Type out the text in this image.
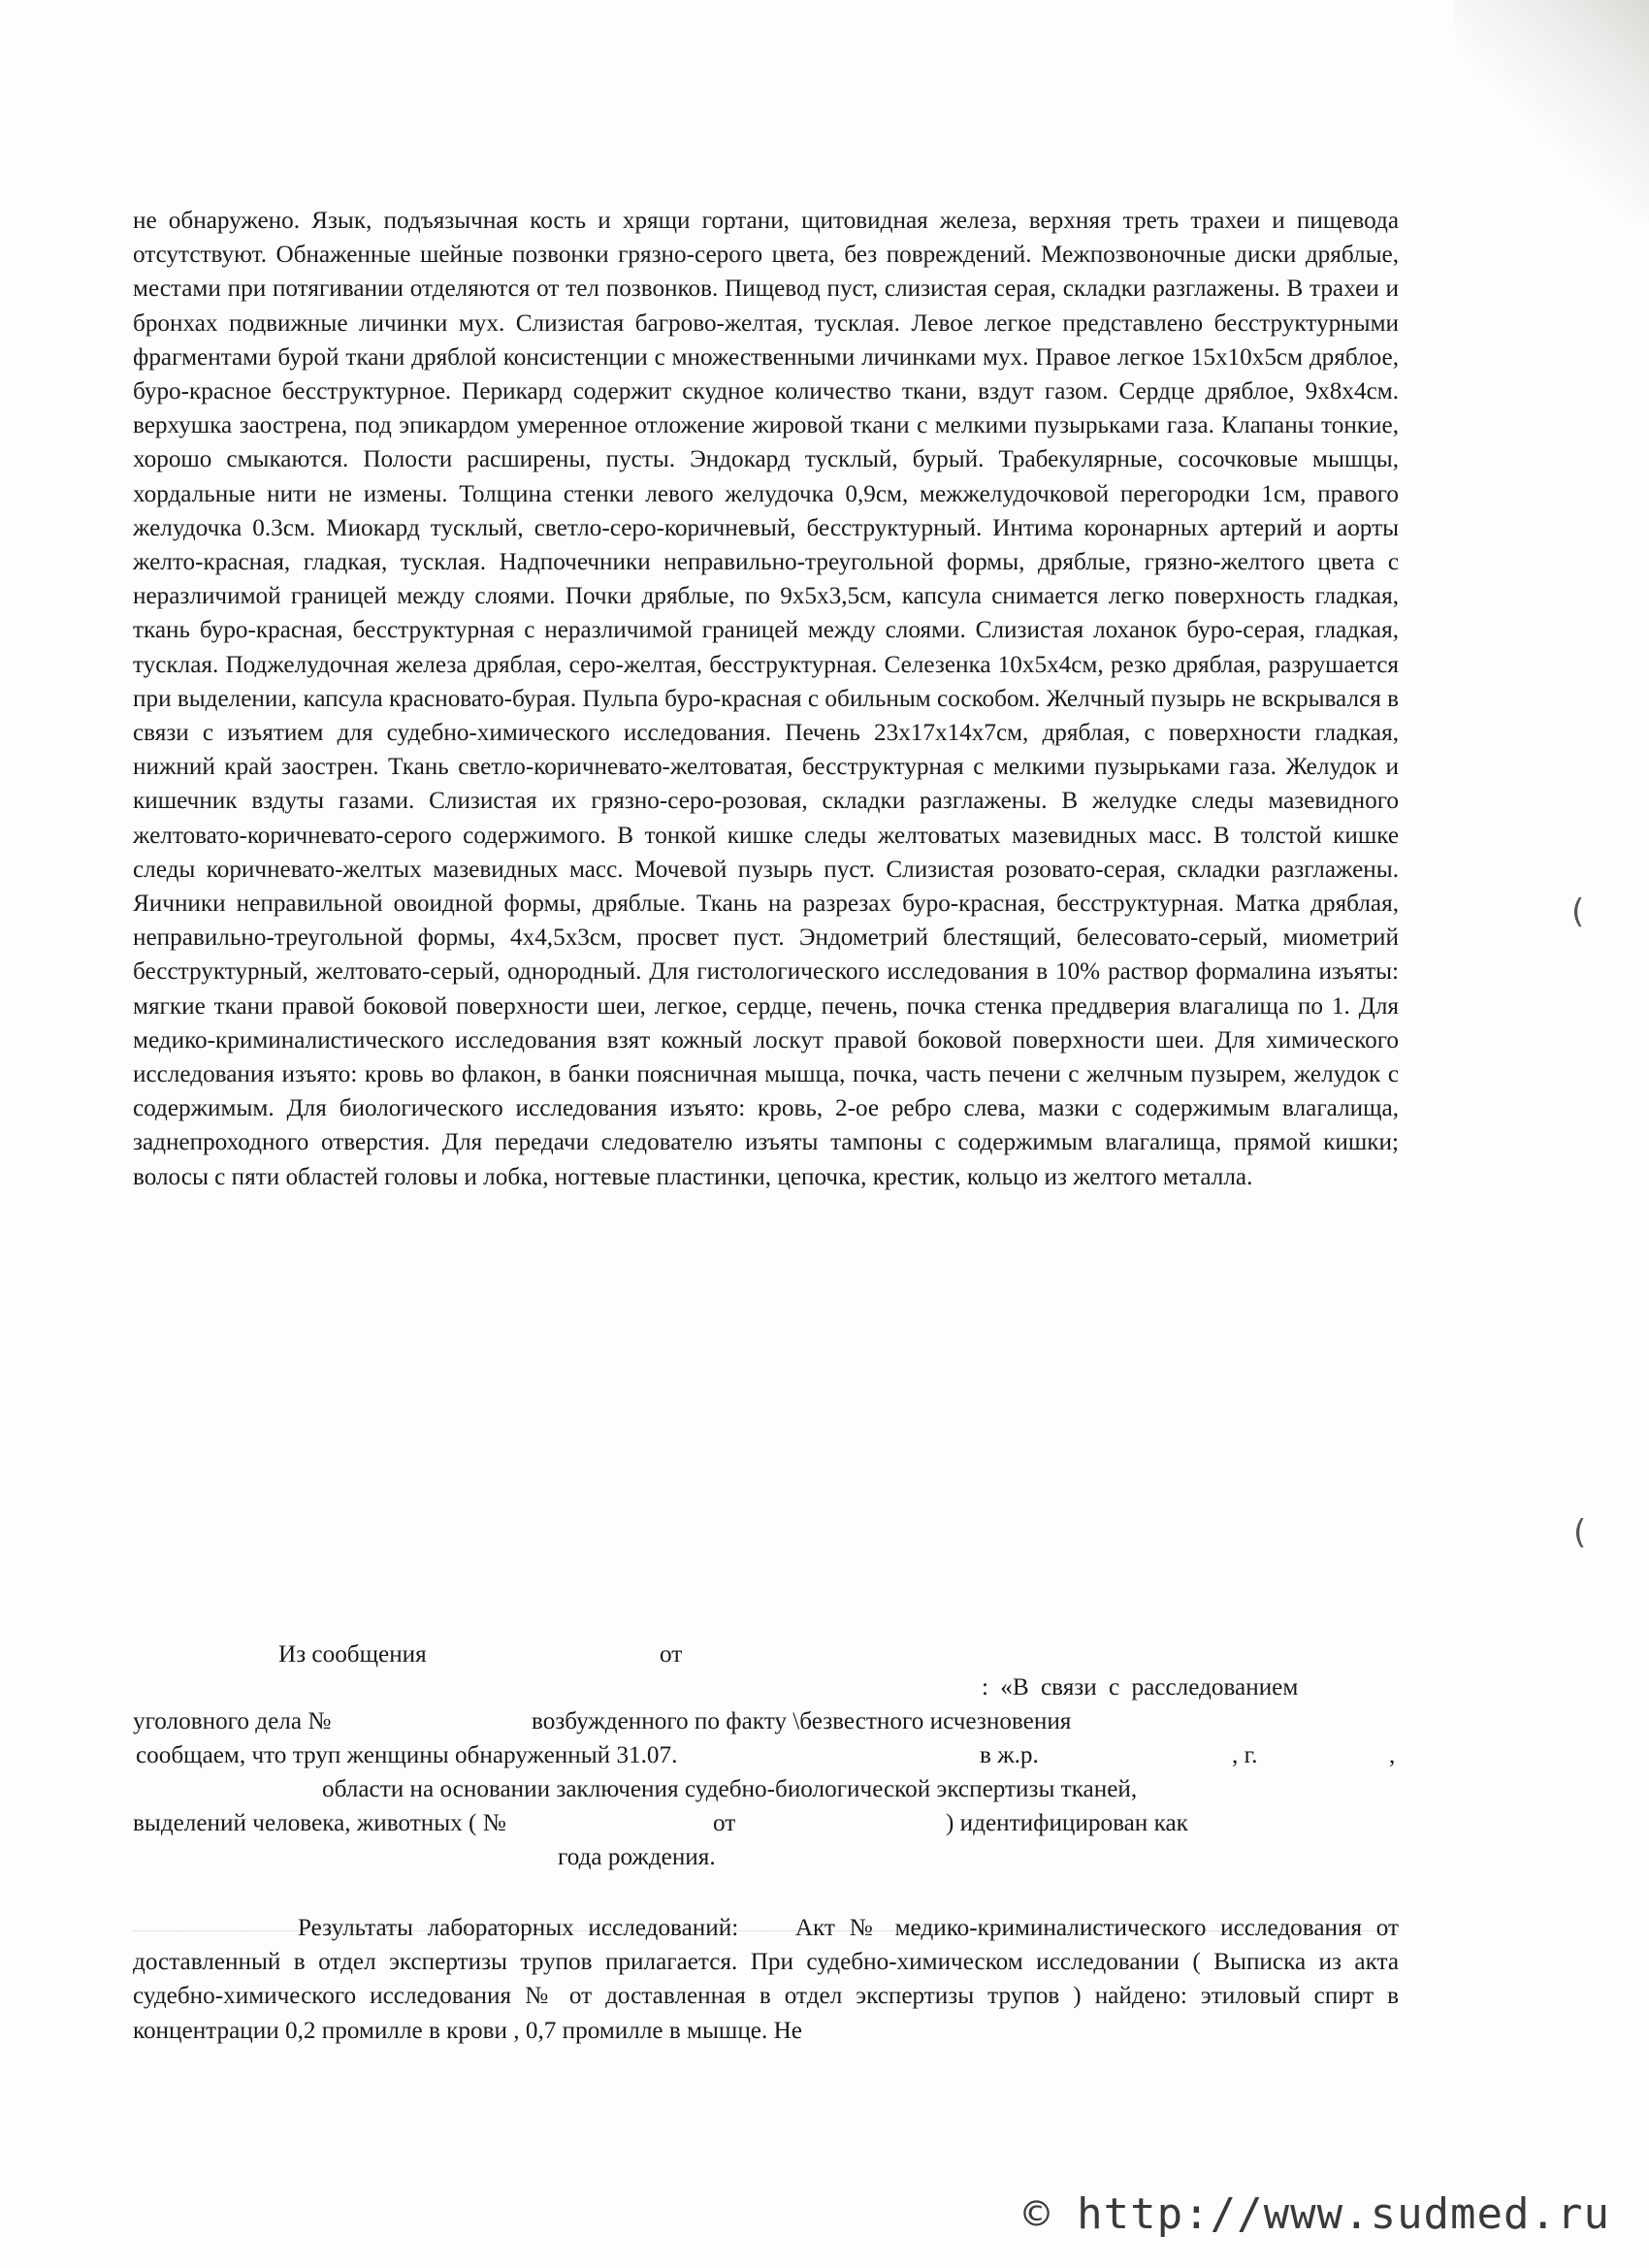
не обнаружено. Язык, подъязычная кость и хрящи гортани, щитовидная железа, верхняя треть трахеи и пищевода отсутствуют. Обнаженные шейные позвонки грязно-серого цвета, без повреждений. Межпозвоночные диски дряблые, местами при потягивании отделяются от тел позвонков. Пищевод пуст, слизистая серая, складки разглажены. В трахеи и бронхах подвижные личинки мух. Слизистая багрово-желтая, тусклая. Левое легкое представлено бесструктурными фрагментами бурой ткани дряблой консистенции с множественными личинками мух. Правое легкое 15х10х5см дряблое, буро-красное бесструктурное. Перикард содержит скудное количество ткани, вздут газом. Сердце дряблое, 9х8х4см. верхушка заострена, под эпикардом умеренное отложение жировой ткани с мелкими пузырьками газа. Клапаны тонкие, хорошо смыкаются. Полости расширены, пусты. Эндокард тусклый, бурый. Трабекулярные, сосочковые мышцы, хордальные нити не измены. Толщина стенки левого желудочка 0,9см, межжелудочковой перегородки 1см, правого желудочка 0.3см. Миокард тусклый, светло-серо-коричневый, бесструктурный. Интима коронарных артерий и аорты желто-красная, гладкая, тусклая. Надпочечники неправильно-треугольной формы, дряблые, грязно-желтого цвета с неразличимой границей между слоями. Почки дряблые, по 9х5х3,5см, капсула снимается легко поверхность гладкая, ткань буро-красная, бесструктурная с неразличимой границей между слоями. Слизистая лоханок буро-серая, гладкая, тусклая. Поджелудочная железа дряблая, серо-желтая, бесструктурная. Селезенка 10х5х4см, резко дряблая, разрушается при выделении, капсула красновато-бурая. Пульпа буро-красная с обильным соскобом. Желчный пузырь не вскрывался в связи с изъятием для судебно-химического исследования. Печень 23х17х14х7см, дряблая, с поверхности гладкая, нижний край заострен. Ткань светло-коричневато-желтоватая, бесструктурная с мелкими пузырьками газа. Желудок и кишечник вздуты газами. Слизистая их грязно-серо-розовая, складки разглажены. В желудке следы мазевидного желтовато-коричневато-серого содержимого. В тонкой кишке следы желтоватых мазевидных масс. В толстой кишке следы коричневато-желтых мазевидных масс. Мочевой пузырь пуст. Слизистая розовато-серая, складки разглажены. Яичники неправильной овоидной формы, дряблые. Ткань на разрезах буро-красная, бесструктурная. Матка дряблая, неправильно-треугольной формы, 4х4,5х3см, просвет пуст. Эндометрий блестящий, белесовато-серый, миометрий бесструктурный, желтовато-серый, однородный. Для гистологического исследования в 10% раствор формалина изъяты: мягкие ткани правой боковой поверхности шеи, легкое, сердце, печень, почка стенка преддверия влагалища по 1. Для медико-криминалистического исследования взят кожный лоскут правой боковой поверхности шеи. Для химического исследования изъято: кровь во флакон, в банки поясничная мышца, почка, часть печени с желчным пузырем, желудок с содержимым. Для биологического исследования изъято: кровь, 2-ое ребро слева, мазки с содержимым влагалища, заднепроходного отверстия. Для передачи следователю изъяты тампоны с содержимым влагалища, прямой кишки; волосы с пяти областей головы и лобка, ногтевые пластинки, цепочка, крестик, кольцо из желтого металла.

(
(
Из сообщения	от
: «В связи с расследованием
уголовного дела №	возбужденного по факту \безвестного исчезновения
сообщаем, что труп женщины обнаруженный 31.07.	в ж.р.	, г.	,
области на основании заключения судебно-биологической экспертизы тканей,
выделений человека, животных ( №	от	) идентифицирован как
года рождения.

Результаты лабораторных исследований: Акт № медико-криминалистического исследования от доставленный в отдел экспертизы трупов прилагается. При судебно-химическом исследовании ( Выписка из акта судебно-химического исследования № от доставленная в отдел экспертизы трупов ) найдено: этиловый спирт в концентрации 0,2 промилле в крови , 0,7 промилле в мышце. Не

© http://www.sudmed.ru
